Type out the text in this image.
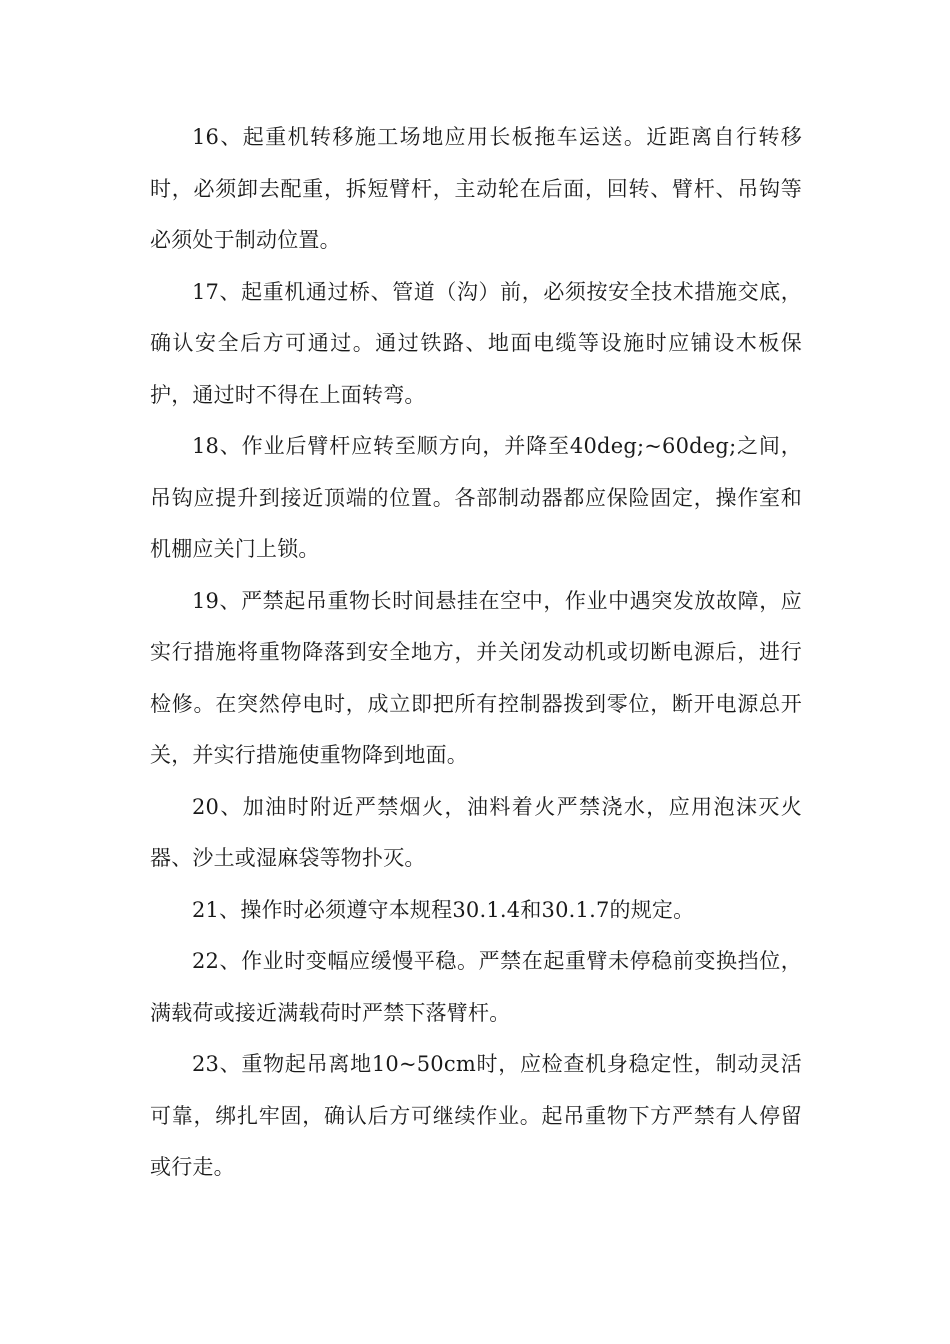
16、起重机转移施工场地应用长板拖车运送。近距离自行转移时，必须卸去配重，拆短臂杆，主动轮在后面，回转、臂杆、吊钩等必须处于制动位置。

17、起重机通过桥、管道（沟）前，必须按安全技术措施交底，确认安全后方可通过。通过铁路、地面电缆等设施时应铺设木板保护，通过时不得在上面转弯。

18、作业后臂杆应转至顺方向，并降至40deg;~60deg;之间，吊钩应提升到接近顶端的位置。各部制动器都应保险固定，操作室和机棚应关门上锁。

19、严禁起吊重物长时间悬挂在空中，作业中遇突发放故障，应实行措施将重物降落到安全地方，并关闭发动机或切断电源后，进行检修。在突然停电时，成立即把所有控制器拨到零位，断开电源总开关，并实行措施使重物降到地面。

20、加油时附近严禁烟火，油料着火严禁浇水，应用泡沫灭火器、沙土或湿麻袋等物扑灭。

21、操作时必须遵守本规程30.1.4和30.1.7的规定。

22、作业时变幅应缓慢平稳。严禁在起重臂未停稳前变换挡位，满载荷或接近满载荷时严禁下落臂杆。

23、重物起吊离地10~50cm时，应检查机身稳定性，制动灵活可靠，绑扎牢固，确认后方可继续作业。起吊重物下方严禁有人停留或行走。
